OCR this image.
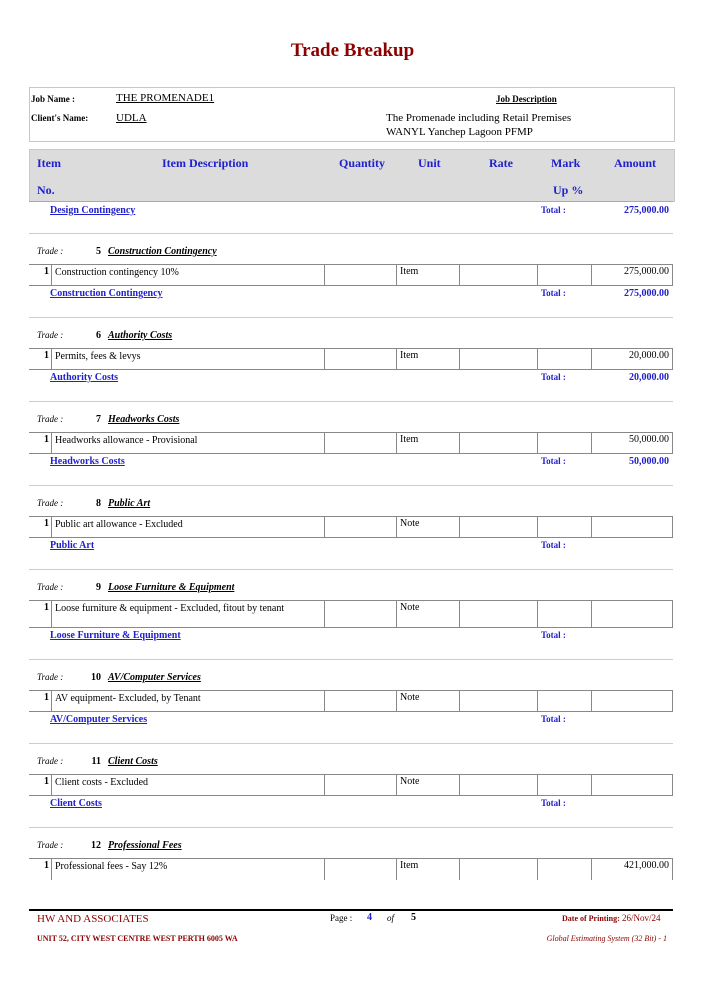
Trade Breakup
Job Name :	THE PROMENADE1
Client's Name:	UDLA
Job Description
The Promenade including Retail Premises
WANYL Yanchep Lagoon PFMP
Item
No.
Item Description	Quantity	Unit	Rate	Mark
Up %
Amount
Design Contingency	Total :	275,000.00
Trade :	5 Construction Contingency
1 Construction contingency 10%	Item	275,000.00
Construction Contingency	Total :	275,000.00
Trade :	6 Authority Costs
1 Permits, fees & levys	Item	20,000.00
Authority Costs	Total :	20,000.00
Trade :	7 Headworks Costs
1 Headworks allowance - Provisional	Item	50,000.00
Headworks Costs	Total :	50,000.00
Trade :	8 Public Art
1 Public art allowance - Excluded	Note
Public Art	Total :
Trade :	9 Loose Furniture & Equipment
1 Loose furniture & equipment - Excluded, fitout by tenant	Note
Loose Furniture & Equipment	Total :
Trade :	10 AV/Computer Services
1 AV equipment- Excluded, by Tenant	Note
AV/Computer Services	Total :
Trade :	11 Client Costs
1 Client costs - Excluded	Note
Client Costs	Total :
Trade :	12 Professional Fees
1 Professional fees - Say 12%	Item	421,000.00
HW AND ASSOCIATES
UNIT 52, CITY WEST CENTRE WEST PERTH 6005 WA
Page : 4 of 5	Date of Printing: 26/Nov/24
Global Estimating System (32 Bit) - 1
